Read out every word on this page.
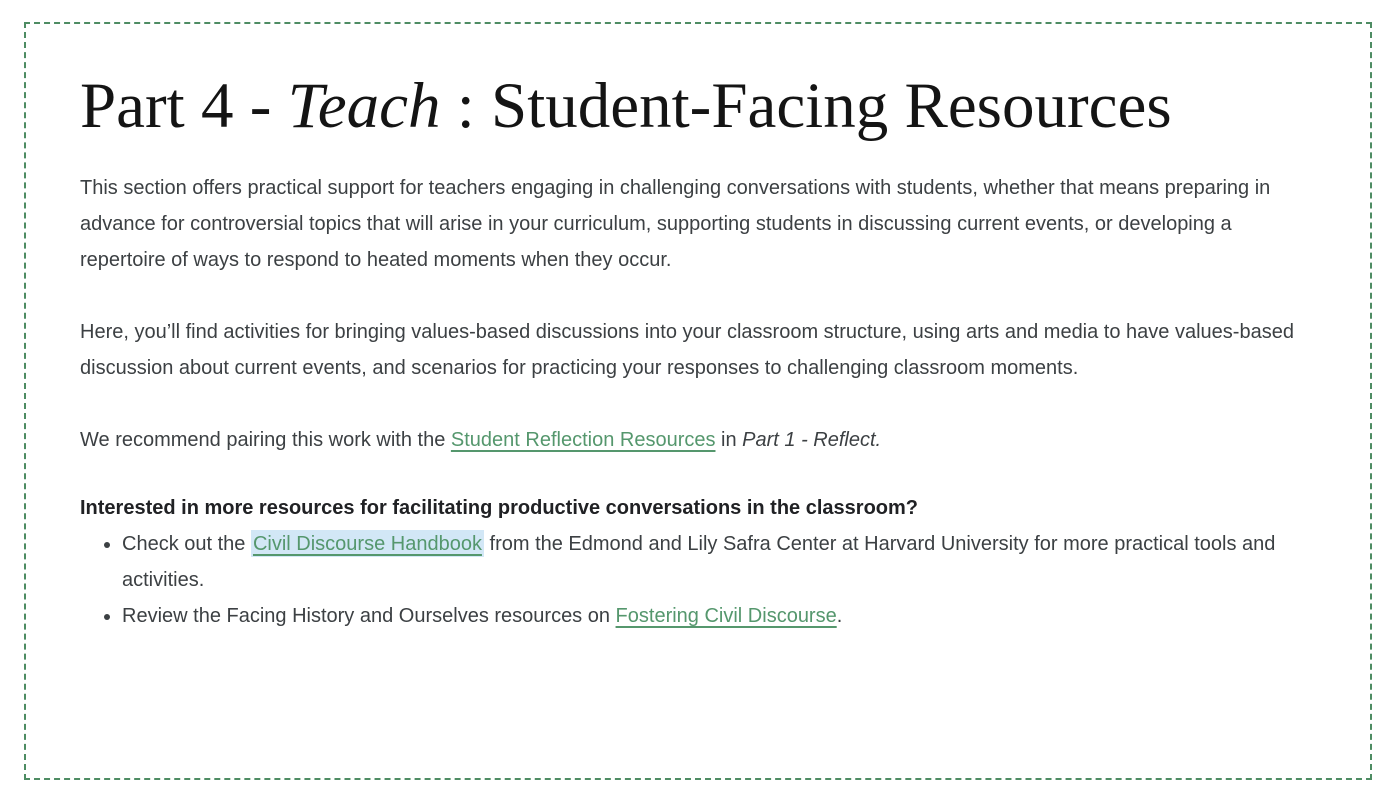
Part 4 - Teach : Student-Facing Resources

This section offers practical support for teachers engaging in challenging conversations with students, whether that means preparing in advance for controversial topics that will arise in your curriculum, supporting students in discussing current events, or developing a repertoire of ways to respond to heated moments when they occur.

Here, you’ll find activities for bringing values-based discussions into your classroom structure, using arts and media to have values-based discussion about current events, and scenarios for practicing your responses to challenging classroom moments.

We recommend pairing this work with the Student Reflection Resources in Part 1 - Reflect.

Interested in more resources for facilitating productive conversations in the classroom?

• Check out the Civil Discourse Handbook from the Edmond and Lily Safra Center at Harvard University for more practical tools and activities.
• Review the Facing History and Ourselves resources on Fostering Civil Discourse.
